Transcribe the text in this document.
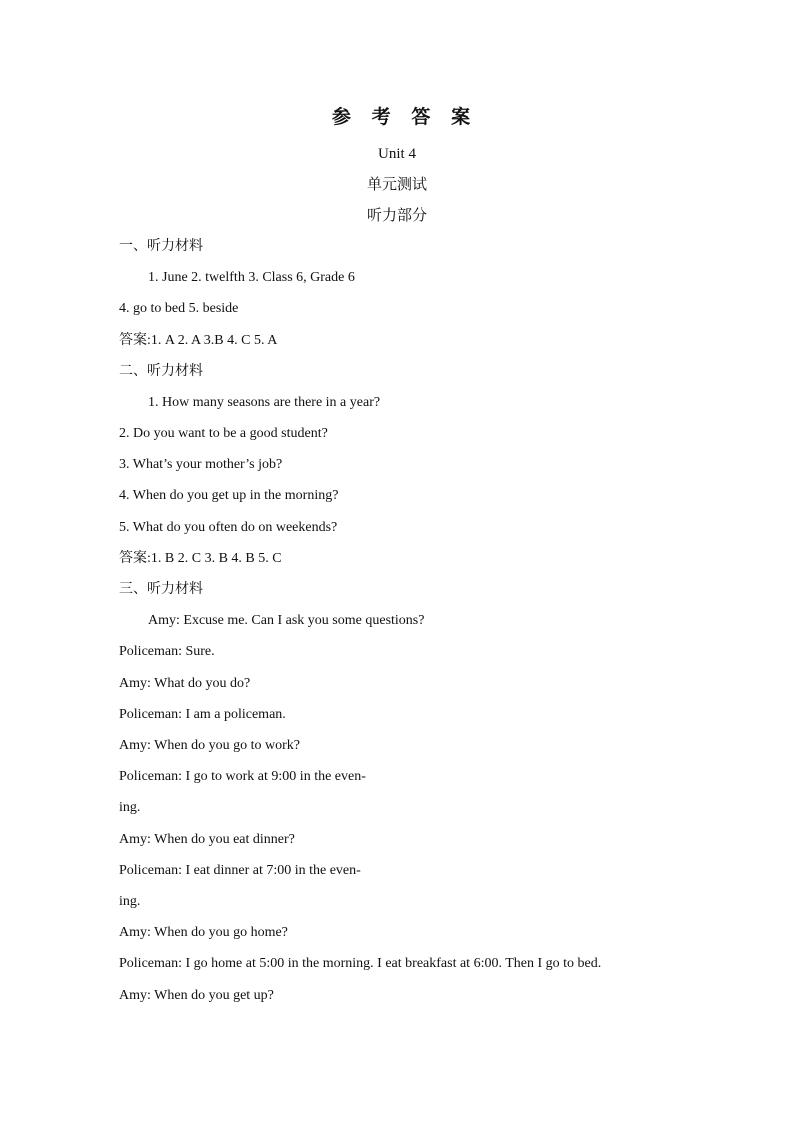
参 考 答 案
Unit 4
单元测试
听力部分
一、听力材料
1. June 2. twelfth 3. Class 6, Grade 6
4. go to bed 5. beside
答案:1. A 2. A 3.B 4. C 5. A
二、听力材料
1. How many seasons are there in a year?
2. Do you want to be a good student?
3. What’s your mother’s job?
4. When do you get up in the morning?
5. What do you often do on weekends?
答案:1. B 2. C 3. B 4. B 5. C
三、听力材料
Amy: Excuse me. Can I ask you some questions?
Policeman: Sure.
Amy: What do you do?
Policeman: I am a policeman.
Amy: When do you go to work?
Policeman: I go to work at 9:00 in the even-
ing.
Amy: When do you eat dinner?
Policeman: I eat dinner at 7:00 in the even-
ing.
Amy: When do you go home?
Policeman: I go home at 5:00 in the morning. I eat breakfast at 6:00. Then I go to bed.
Amy: When do you get up?
